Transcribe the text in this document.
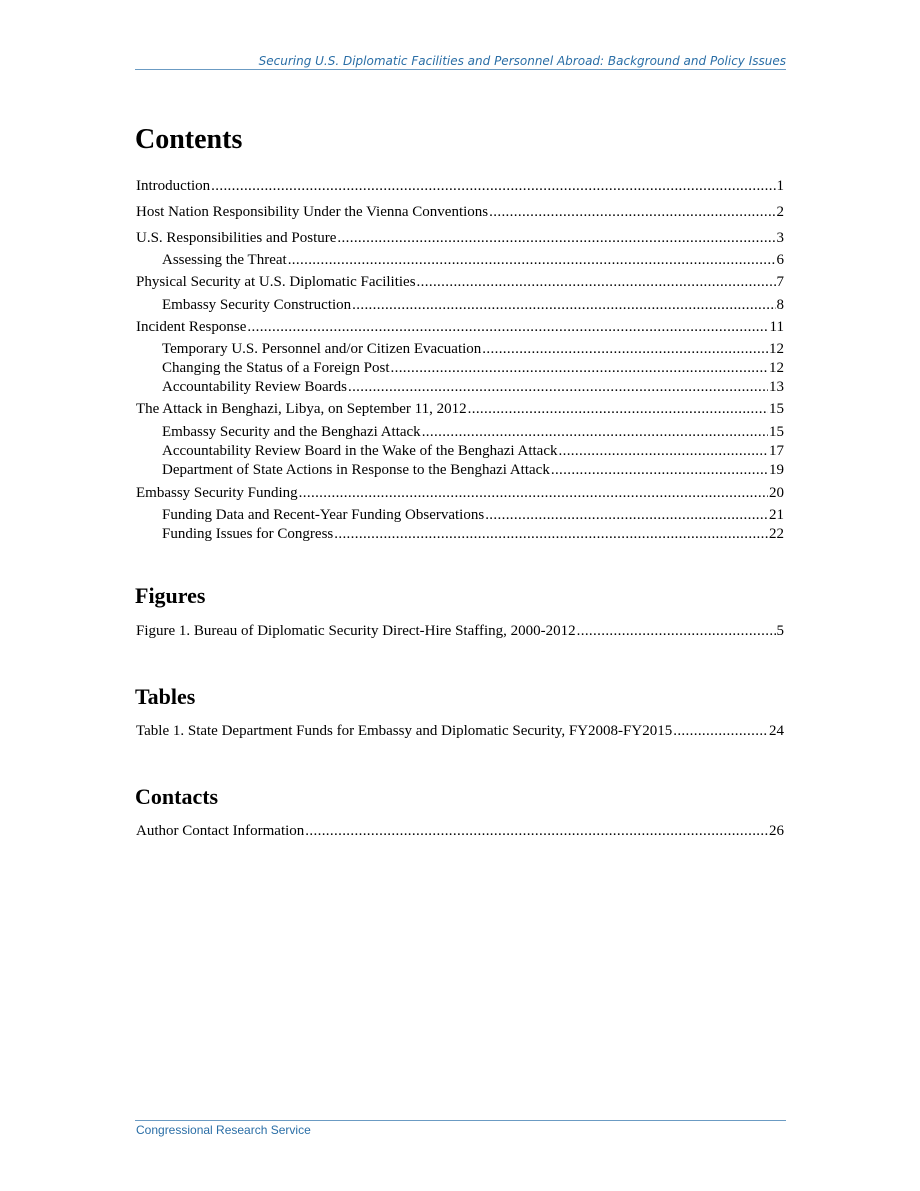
Securing U.S. Diplomatic Facilities and Personnel Abroad: Background and Policy Issues
Contents
Introduction . . .	1
Host Nation Responsibility Under the Vienna Conventions . . .	2
U.S. Responsibilities and Posture . . .	3
Assessing the Threat . . .	6
Physical Security at U.S. Diplomatic Facilities . . .	7
Embassy Security Construction . . .	8
Incident Response . . .	11
Temporary U.S. Personnel and/or Citizen Evacuation . . .	12
Changing the Status of a Foreign Post . . .	12
Accountability Review Boards . . .	13
The Attack in Benghazi, Libya, on September 11, 2012 . . .	15
Embassy Security and the Benghazi Attack . . .	15
Accountability Review Board in the Wake of the Benghazi Attack . . .	17
Department of State Actions in Response to the Benghazi Attack . . .	19
Embassy Security Funding . . .	20
Funding Data and Recent-Year Funding Observations . . .	21
Funding Issues for Congress . . .	22
Figures
Figure 1. Bureau of Diplomatic Security Direct-Hire Staffing, 2000-2012 . . .	5
Tables
Table 1. State Department Funds for Embassy and Diplomatic Security, FY2008-FY2015 . . .	24
Contacts
Author Contact Information . . .	26
Congressional Research Service
